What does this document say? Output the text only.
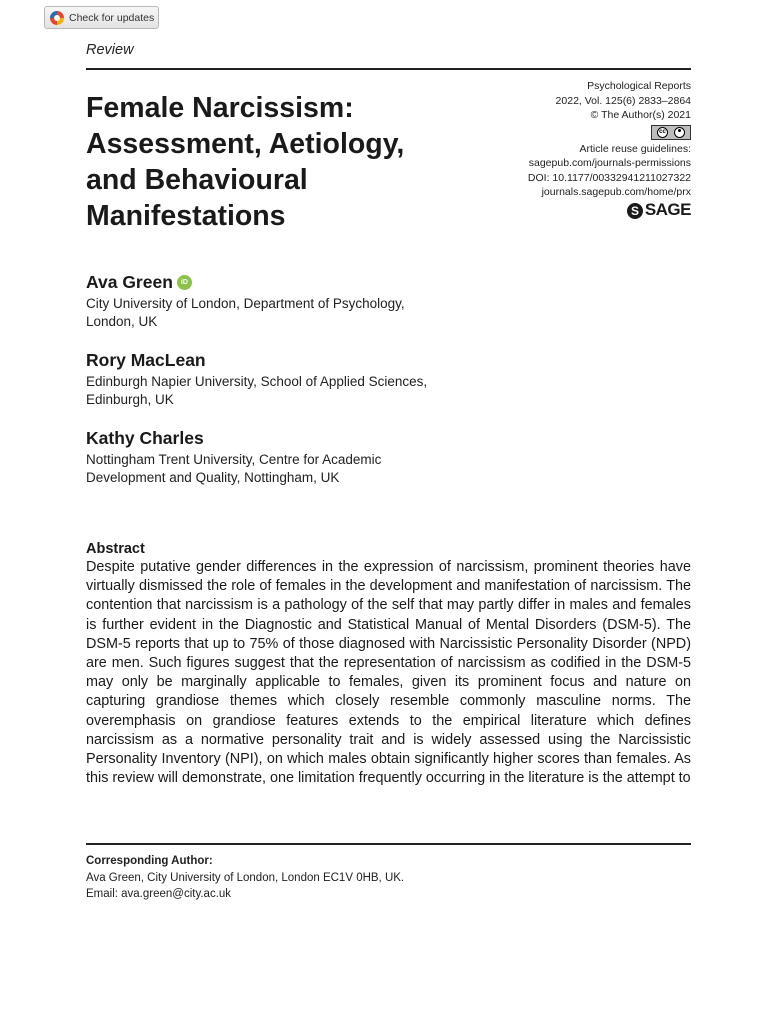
Check for updates
Review
Female Narcissism:
Assessment, Aetiology,
and Behavioural
Manifestations
Psychological Reports
2022, Vol. 125(6) 2833–2864
© The Author(s) 2021
cc
Article reuse guidelines:
sagepub.com/journals-permissions
DOI: 10.1177/00332941211027322
journals.sagepub.com/home/prx
S SAGE
Ava Green	iD
City University of London, Department of Psychology,
London, UK
Rory MacLean
Edinburgh Napier University, School of Applied Sciences,
Edinburgh, UK
Kathy Charles
Nottingham Trent University, Centre for Academic
Development and Quality, Nottingham, UK
Abstract

Despite putative gender differences in the expression of narcissism, prominent theories have virtually dismissed the role of females in the development and manifestation of narcissism. The contention that narcissism is a pathology of the self that may partly differ in males and females is further evident in the Diagnostic and Statistical Manual of Mental Disorders (DSM-5). The DSM-5 reports that up to 75% of those diagnosed with Narcissistic Personality Disorder (NPD) are men. Such figures suggest that the representation of narcissism as codified in the DSM-5 may only be marginally applicable to females, given its prominent focus and nature on capturing grandiose themes which closely resemble commonly masculine norms. The overemphasis on grandiose features extends to the empirical literature which defines narcissism as a normative personality trait and is widely assessed using the Narcissistic Personality Inventory (NPI), on which males obtain significantly higher scores than females. As this review will demonstrate, one limitation frequently occurring in the literature is the attempt to

Corresponding Author:
Ava Green, City University of London, London EC1V 0HB, UK.
Email: ava.green@city.ac.uk
